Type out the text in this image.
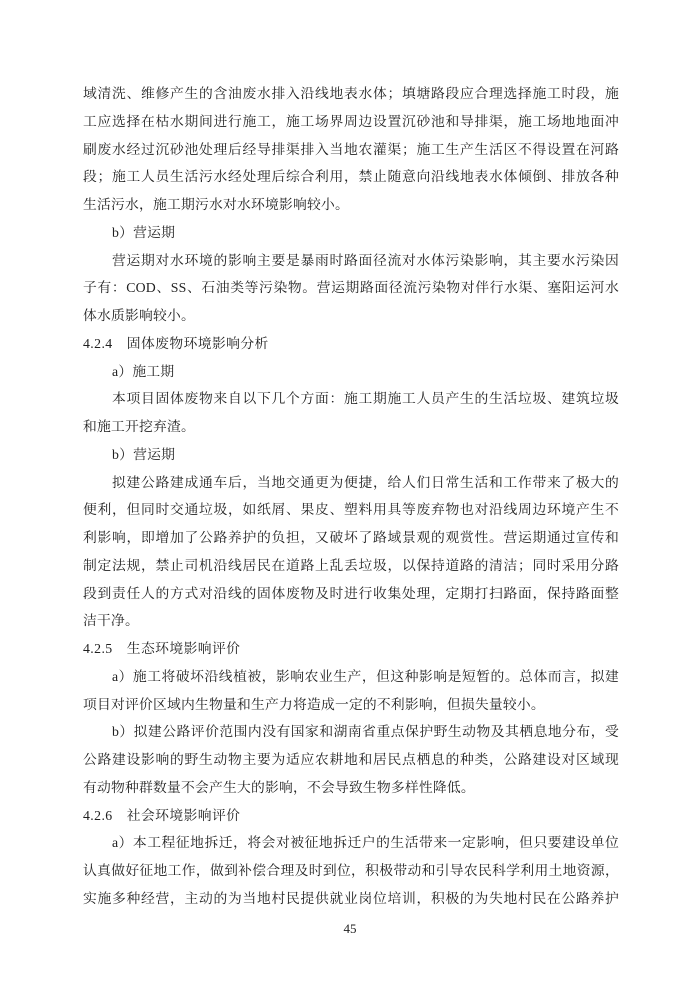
域清洗、维修产生的含油废水排入沿线地表水体；填塘路段应合理选择施工时段，施
工应选择在枯水期间进行施工，施工场界周边设置沉砂池和导排渠，施工场地地面冲
刷废水经过沉砂池处理后经导排渠排入当地农灌渠；施工生产生活区不得设置在河路
段；施工人员生活污水经处理后综合利用，禁止随意向沿线地表水体倾倒、排放各种
生活污水，施工期污水对水环境影响较小。
b）营运期
营运期对水环境的影响主要是暴雨时路面径流对水体污染影响，其主要水污染因
子有：COD、SS、石油类等污染物。营运期路面径流污染物对伴行水渠、塞阳运河水
体水质影响较小。
4.2.4　固体废物环境影响分析
a）施工期
本项目固体废物来自以下几个方面：施工期施工人员产生的生活垃圾、建筑垃圾
和施工开挖弃渣。
b）营运期
拟建公路建成通车后，当地交通更为便捷，给人们日常生活和工作带来了极大的
便利，但同时交通垃圾，如纸屑、果皮、塑料用具等废弃物也对沿线周边环境产生不
利影响，即增加了公路养护的负担，又破坏了路域景观的观赏性。营运期通过宣传和
制定法规，禁止司机沿线居民在道路上乱丢垃圾，以保持道路的清洁；同时采用分路
段到责任人的方式对沿线的固体废物及时进行收集处理，定期打扫路面，保持路面整
洁干净。
4.2.5　生态环境影响评价
a）施工将破坏沿线植被，影响农业生产，但这种影响是短暂的。总体而言，拟建
项目对评价区域内生物量和生产力将造成一定的不利影响，但损失量较小。
b）拟建公路评价范围内没有国家和湖南省重点保护野生动物及其栖息地分布，受
公路建设影响的野生动物主要为适应农耕地和居民点栖息的种类，公路建设对区域现
有动物种群数量不会产生大的影响，不会导致生物多样性降低。
4.2.6　社会环境影响评价
a）本工程征地拆迁，将会对被征地拆迁户的生活带来一定影响，但只要建设单位
认真做好征地工作，做到补偿合理及时到位，积极带动和引导农民科学利用土地资源，
实施多种经营，主动的为当地村民提供就业岗位培训，积极的为失地村民在公路养护
45
